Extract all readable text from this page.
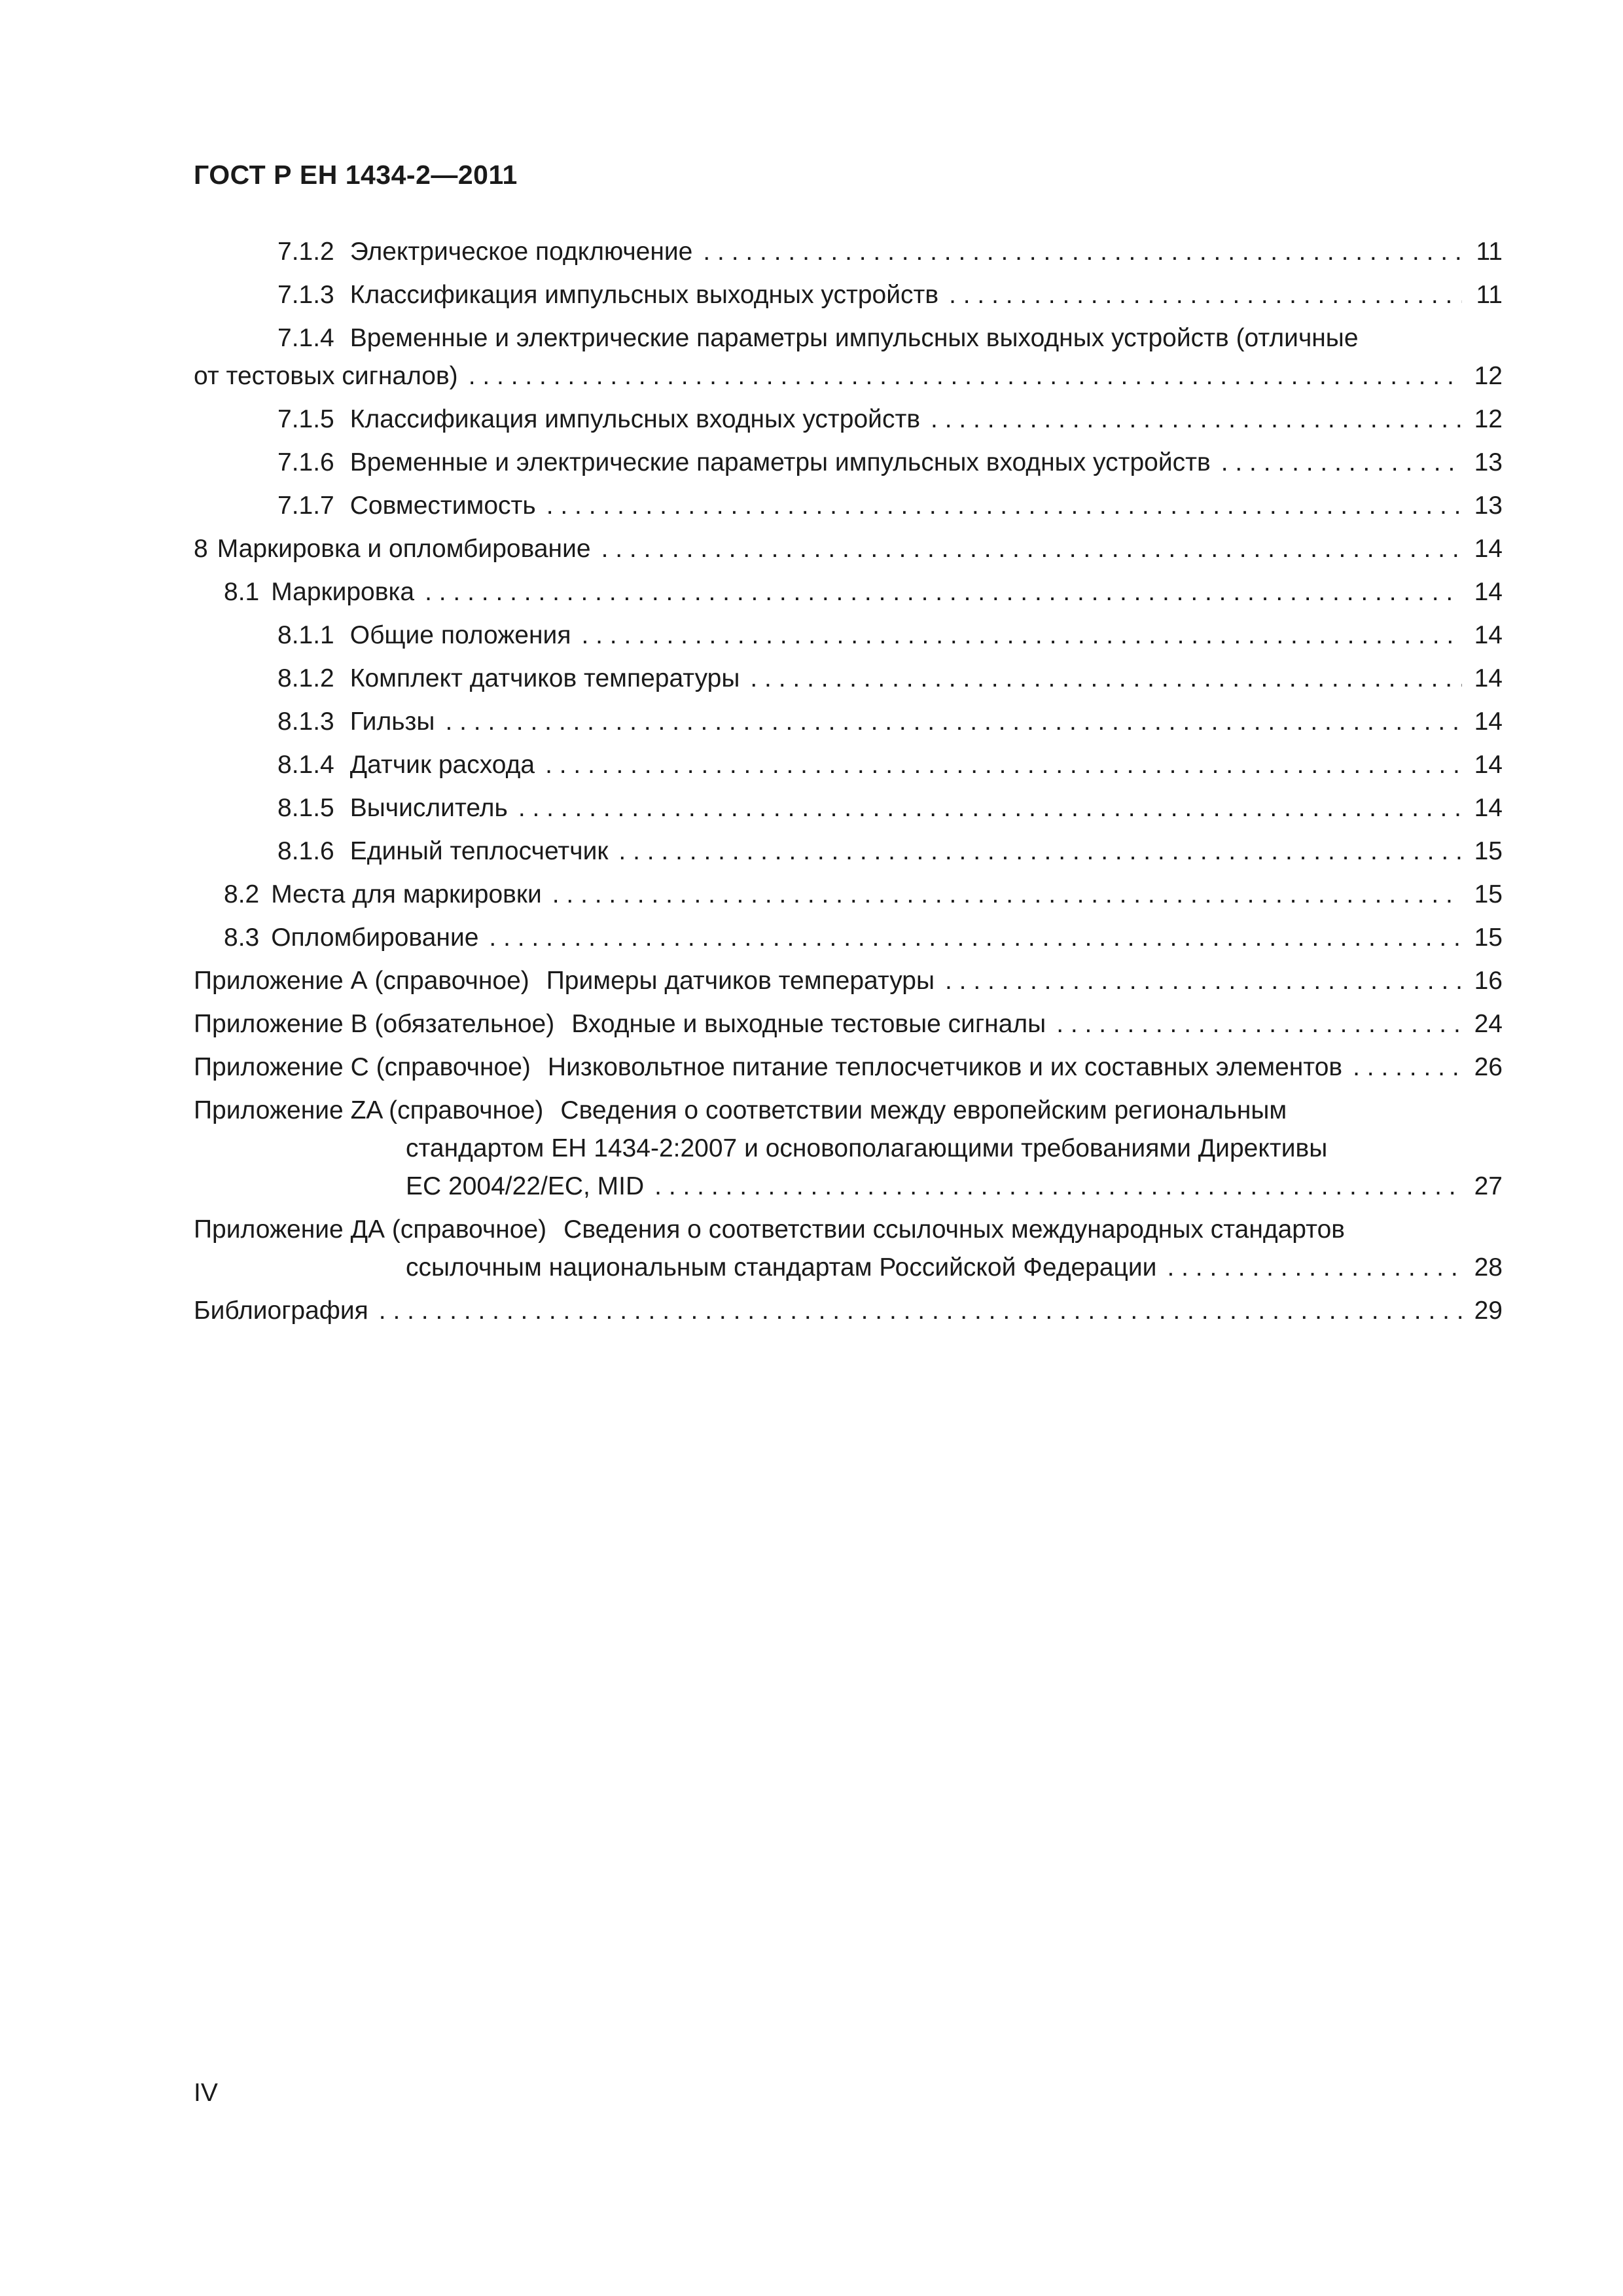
ГОСТ Р ЕН 1434-2—2011
7.1.2 Электрическое подключение . . .	11
7.1.3 Классификация импульсных выходных устройств . . .	11
7.1.4 Временные и электрические параметры импульсных выходных устройств (отличные
от тестовых сигналов) . . .	12
7.1.5 Классификация импульсных входных устройств . . .	12
7.1.6 Временные и электрические параметры импульсных входных устройств . . .	13
7.1.7 Совместимость . . .	13
8 Маркировка и опломбирование . . .	14
8.1 Маркировка . . .	14
8.1.1 Общие положения . . .	14
8.1.2 Комплект датчиков температуры . . .	14
8.1.3 Гильзы . . .	14
8.1.4 Датчик расхода . . .	14
8.1.5 Вычислитель . . .	14
8.1.6 Единый теплосчетчик . . .	15
8.2 Места для маркировки . . .	15
8.3 Опломбирование . . .	15
Приложение А (справочное) Примеры датчиков температуры . . .	16
Приложение В (обязательное) Входные и выходные тестовые сигналы . . .	24
Приложение С (справочное) Низковольтное питание теплосчетчиков и их составных элементов . . .	26
Приложение ZA (справочное) Сведения о соответствии между европейским региональным
стандартом ЕН 1434-2:2007 и основополагающими требованиями Директивы
ЕС 2004/22/EC, MID . . .	27
Приложение ДА (справочное) Сведения о соответствии ссылочных международных стандартов
ссылочным национальным стандартам Российской Федерации . . .	28
Библиография . . .	29
IV
